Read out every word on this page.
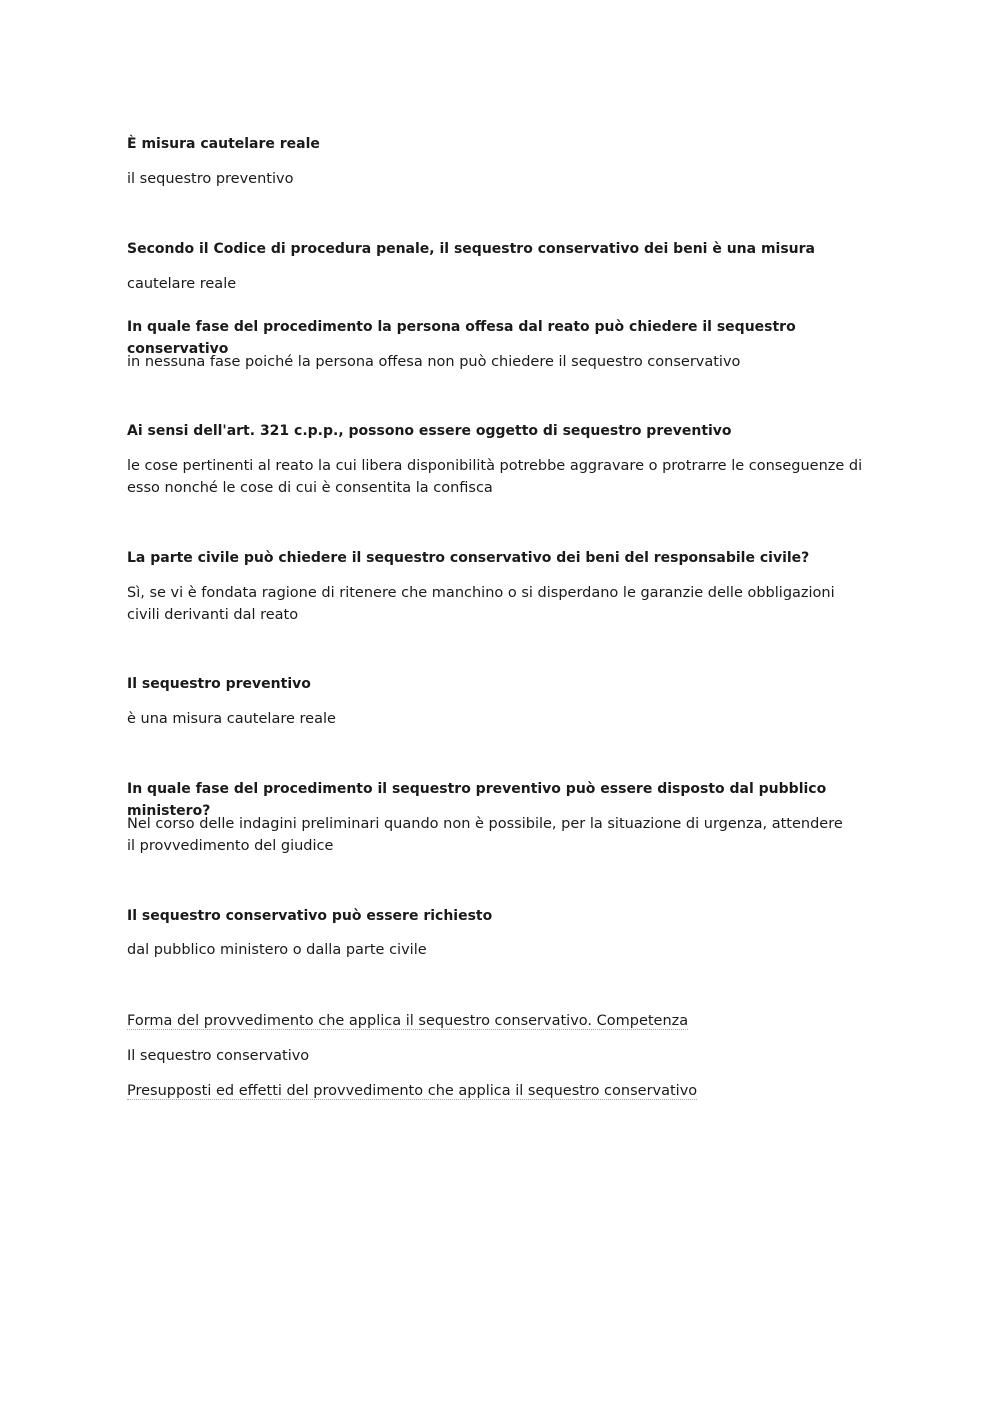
È misura cautelare reale
il sequestro preventivo
Secondo il Codice di procedura penale, il sequestro conservativo dei beni è una misura
cautelare reale
In quale fase del procedimento la persona offesa dal reato può chiedere il sequestro conservativo
in nessuna fase poiché la persona offesa non può chiedere il sequestro conservativo
Ai sensi dell'art. 321 c.p.p., possono essere oggetto di sequestro preventivo
le cose pertinenti al reato la cui libera disponibilità potrebbe aggravare o protrarre le conseguenze di esso nonché le cose di cui è consentita la confisca
La parte civile può chiedere il sequestro conservativo dei beni del responsabile civile?
Sì, se vi è fondata ragione di ritenere che manchino o si disperdano le garanzie delle obbligazioni civili derivanti dal reato
Il sequestro preventivo
è una misura cautelare reale
In quale fase del procedimento il sequestro preventivo può essere disposto dal pubblico ministero?
Nel corso delle indagini preliminari quando non è possibile, per la situazione di urgenza, attendere il provvedimento del giudice
Il sequestro conservativo può essere richiesto
dal pubblico ministero o dalla parte civile
Forma del provvedimento che applica il sequestro conservativo. Competenza
Il sequestro conservativo
Presupposti ed effetti del provvedimento che applica il sequestro conservativo
